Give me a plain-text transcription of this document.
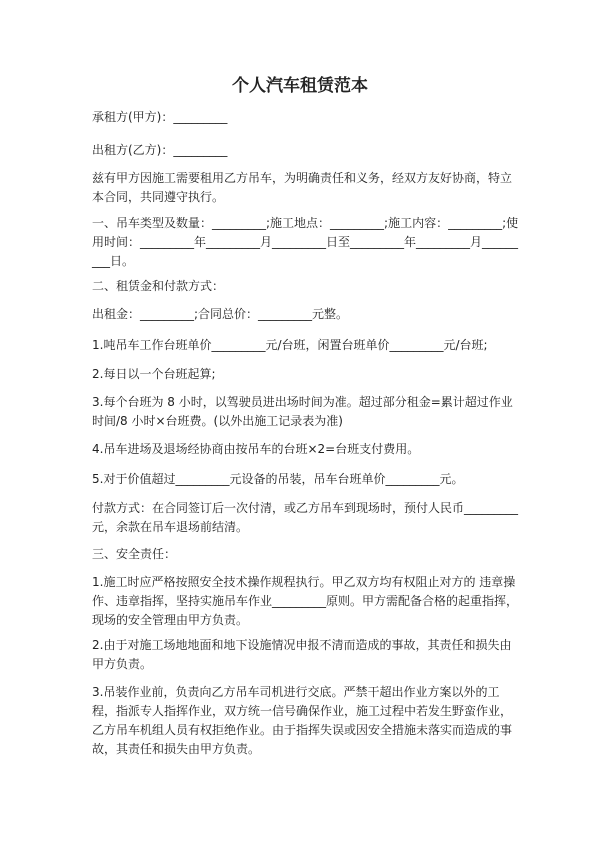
个人汽车租赁范本
承租方(甲方)：_________
出租方(乙方)：_________
兹有甲方因施工需要租用乙方吊车，为明确责任和义务，经双方友好协商，特立本合同，共同遵守执行。
一、吊车类型及数量：_________;施工地点：_________;施工内容：_________;使用时间：_________年_________月_________日至_________年_________月_________日。
二、租赁金和付款方式：
出租金：_________;合同总价：_________元整。
1.吨吊车工作台班单价_________元/台班，闲置台班单价_________元/台班;
2.每日以一个台班起算;
3.每个台班为 8 小时，以驾驶员进出场时间为准。超过部分租金=累计超过作业时间/8 小时×台班费。(以外出施工记录表为准)
4.吊车进场及退场经协商由按吊车的台班×2=台班支付费用。
5.对于价值超过_________元设备的吊装，吊车台班单价_________元。
付款方式：在合同签订后一次付清，或乙方吊车到现场时，预付人民币_________元，余款在吊车退场前结清。
三、安全责任：
1.施工时应严格按照安全技术操作规程执行。甲乙双方均有权阻止对方的 违章操作、违章指挥，坚持实施吊车作业_________原则。甲方需配备合格的起重指挥，现场的安全管理由甲方负责。
2.由于对施工场地地面和地下设施情况申报不清而造成的事故，其责任和损失由甲方负责。
3.吊装作业前，负责向乙方吊车司机进行交底。严禁干超出作业方案以外的工程，指派专人指挥作业，双方统一信号确保作业，施工过程中若发生野蛮作业，乙方吊车机组人员有权拒绝作业。由于指挥失误或因安全措施未落实而造成的事故，其责任和损失由甲方负责。
